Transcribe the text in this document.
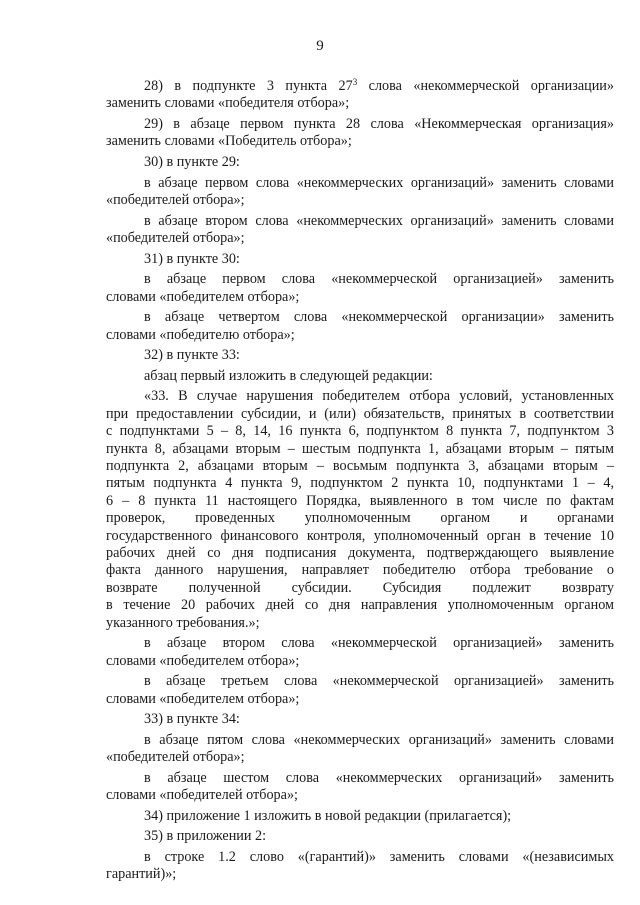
9
28) в подпункте 3 пункта $27^3$ слова «некоммерческой организации»
заменить словами «победителя отбора»;
29) в абзаце первом пункта 28 слова «Некоммерческая организация»
заменить словами «Победитель отбора»;
30) в пункте 29:
в абзаце первом слова «некоммерческих организаций» заменить словами
«победителей отбора»;
в абзаце втором слова «некоммерческих организаций» заменить словами
«победителей отбора»;
31) в пункте 30:
в абзаце первом слова «некоммерческой организацией» заменить
словами «победителем отбора»;
в абзаце четвертом слова «некоммерческой организации» заменить
словами «победителю отбора»;
32) в пункте 33:
абзац первый изложить в следующей редакции:
«33. В случае нарушения победителем отбора условий, установленных
при предоставлении субсидии, и (или) обязательств, принятых в соответствии
с подпунктами 5 – 8, 14, 16 пункта 6, подпунктом 8 пункта 7, подпунктом 3
пункта 8, абзацами вторым – шестым подпункта 1, абзацами вторым – пятым
подпункта 2, абзацами вторым – восьмым подпункта 3, абзацами вторым –
пятым подпункта 4 пункта 9, подпунктом 2 пункта 10, подпунктами 1 – 4,
6 – 8 пункта 11 настоящего Порядка, выявленного в том числе по фактам
проверок, проведенных уполномоченным органом и органами
государственного финансового контроля, уполномоченный орган в течение 10
рабочих дней со дня подписания документа, подтверждающего выявление
факта данного нарушения, направляет победителю отбора требование о
возврате полученной субсидии. Субсидия подлежит возврату
в течение 20 рабочих дней со дня направления уполномоченным органом
указанного требования.»;
в абзаце втором слова «некоммерческой организацией» заменить
словами «победителем отбора»;
в абзаце третьем слова «некоммерческой организацией» заменить
словами «победителем отбора»;
33) в пункте 34:
в абзаце пятом слова «некоммерческих организаций» заменить словами
«победителей отбора»;
в абзаце шестом слова «некоммерческих организаций» заменить
словами «победителей отбора»;
34) приложение 1 изложить в новой редакции (прилагается);
35) в приложении 2:
в строке 1.2 слово «(гарантий)» заменить словами «(независимых
гарантий)»;
